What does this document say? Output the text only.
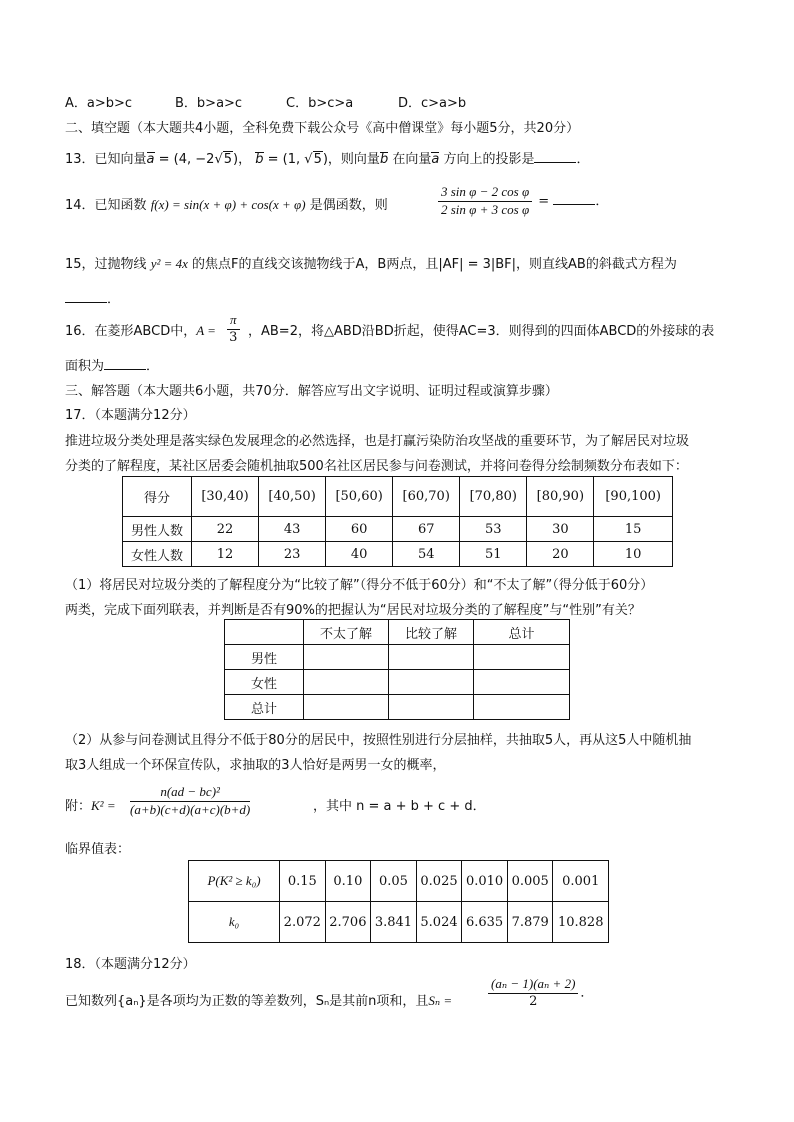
A．a>b>c	B．b>a>c	C．b>c>a	D．c>a>b
二、填空题（本大题共4小题，全科免费下载公众号《高中僧课堂》每小题5分，共20分）
13．已知向量a = (4, −2√5)， b = (1, √5)，则向量b 在向量a 方向上的投影是	．
14．已知函数 f(x) = sin(x + φ) + cos(x + φ) 是偶函数，则	$\frac{\text{3 sin φ − 2 cos φ}}{\text{2 sin φ + 3 cos φ}}$ =	．
15，过抛物线 y² = 4x 的焦点F的直线交该抛物线于A，B两点，且|AF| = 3|BF|，则直线AB的斜截式方程为
．
16．在菱形ABCD中，$A = \frac{\pi}{3}$ ，AB=2，将△ABD沿BD折起，使得AC=3．则得到的四面体ABCD的外接球的表
面积为	．
三、解答题（本大题共6小题，共70分．解答应写出文字说明、证明过程或演算步骤）
17．（本题满分12分）
推进垃圾分类处理是落实绿色发展理念的必然选择，也是打赢污染防治攻坚战的重要环节，为了解居民对垃圾
分类的了解程度，某社区居委会随机抽取500名社区居民参与问卷测试，并将问卷得分绘制频数分布表如下：
得分	[30,40)	[40,50)	[50,60)	[60,70)	[70,80)	[80,90)	[90,100)
男性人数	22	43	60	67	53	30	15
女性人数	12	23	40	54	51	20	10
（1）将居民对垃圾分类的了解程度分为“比较了解”（得分不低于60分）和“不太了解”（得分低于60分）
两类，完成下面列联表，并判断是否有90%的把握认为“居民对垃圾分类的了解程度”与“性别”有关？
	不太了解	比较了解	总计
男性			
女性			
总计			
（2）从参与问卷测试且得分不低于80分的居民中，按照性别进行分层抽样，共抽取5人，再从这5人中随机抽
取3人组成一个环保宣传队，求抽取的3人恰好是两男一女的概率，
附：$K^2 = \frac{\text{n(ad − bc)²}}{(a+b)(c+d)(a+c)(b+d)}$	，其中 n = a + b + c + d．
临界值表：
P(K² ≥ k₀)	0.15	0.10	0.05	0.025	0.010	0.005	0.001
k₀	2.072	2.706	3.841	5.024	6.635	7.879	10.828
18．（本题满分12分）
已知数列{aₙ}是各项均为正数的等差数列，Sₙ是其前n项和，且Sₙ =	$\frac{\text{(aₙ − 1)(aₙ + 2)}}{2}$ ．
